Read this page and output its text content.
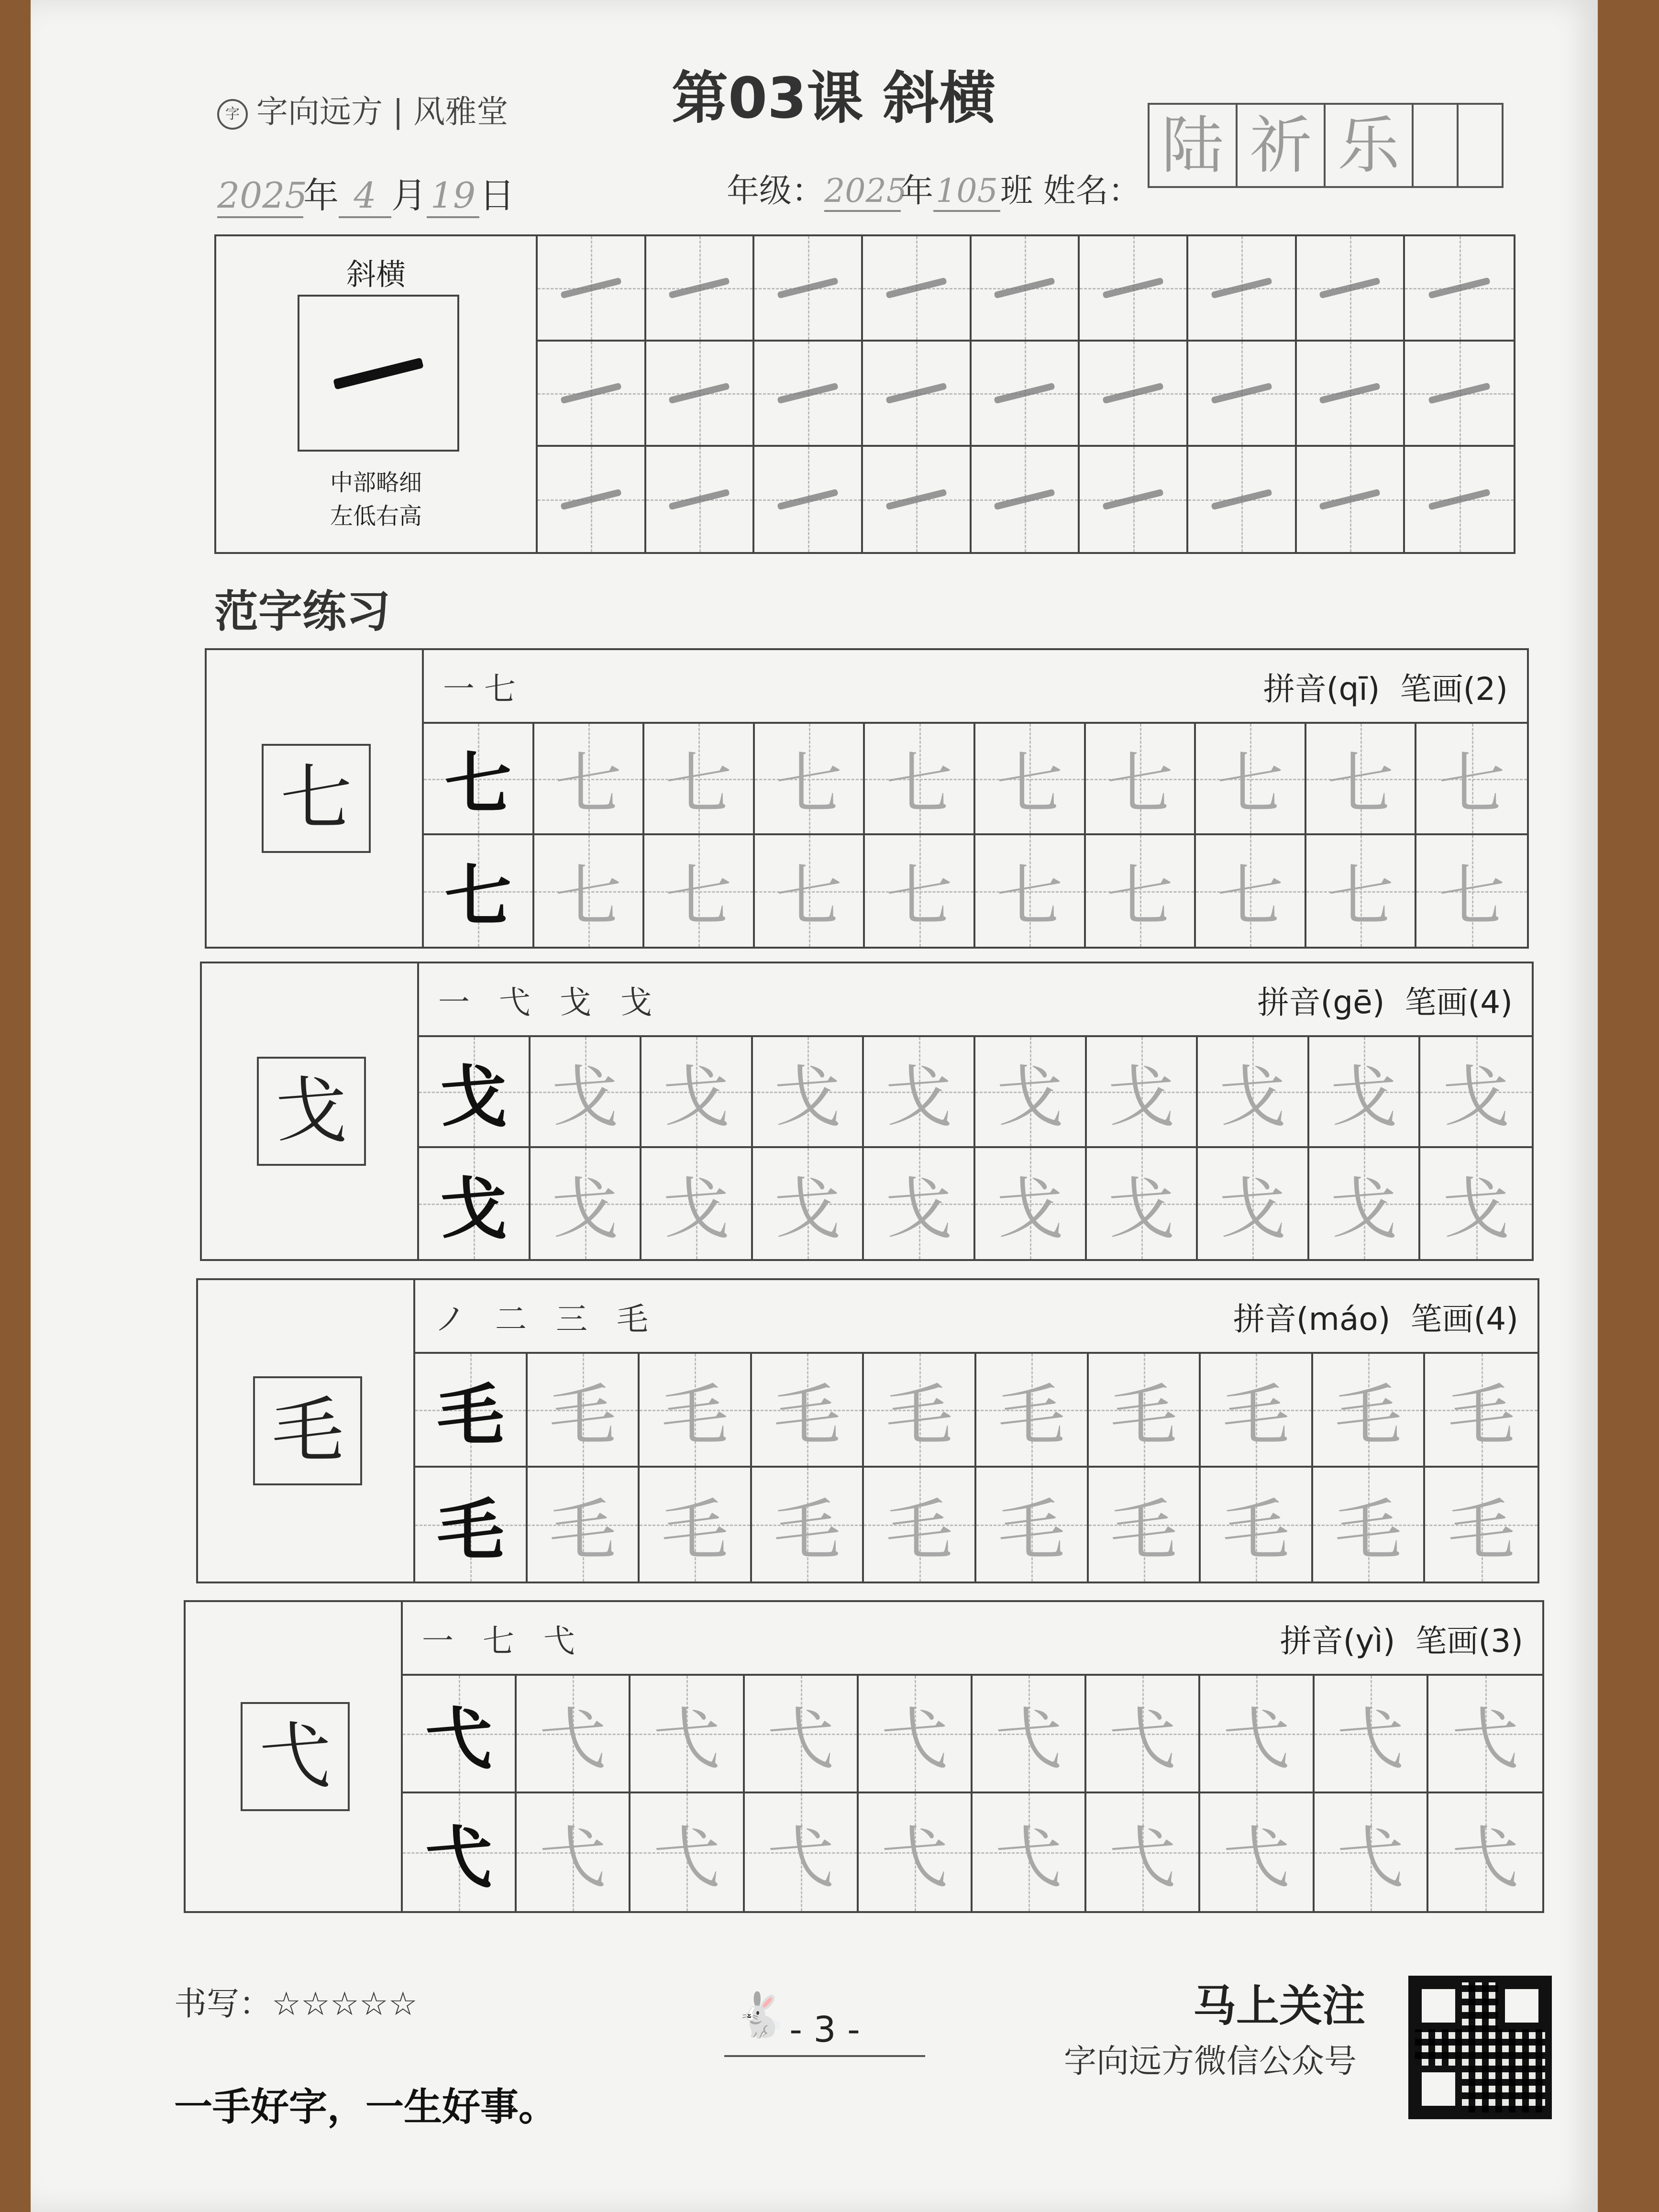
字 字向远方 | 风雅堂	第03课 斜横
2025年 4 月 19 日	年级：2025年105班 姓名：
陆 祈 乐
斜横
中部略细
左低右高
范字练习
七
一七	拼音(qī) 笔画(2)
七 七 七 七 七 七 七 七 七 七
七 七 七 七 七 七 七 七 七 七
戈
一 弋 戈 戈	拼音(gē) 笔画(4)
戈 戈 戈 戈 戈 戈 戈 戈 戈 戈
戈 戈 戈 戈 戈 戈 戈 戈 戈 戈
毛
ノ 二 三 毛	拼音(máo) 笔画(4)
毛 毛 毛 毛 毛 毛 毛 毛 毛 毛
毛 毛 毛 毛 毛 毛 毛 毛 毛 毛
弋
一 七 弋	拼音(yì) 笔画(3)
弋 弋 弋 弋 弋 弋 弋 弋 弋 弋
弋 弋 弋 弋 弋 弋 弋 弋 弋 弋
书写：☆☆☆☆☆
一手好字，一生好事。
🐇 - 3 -	马上关注
字向远方微信公众号
